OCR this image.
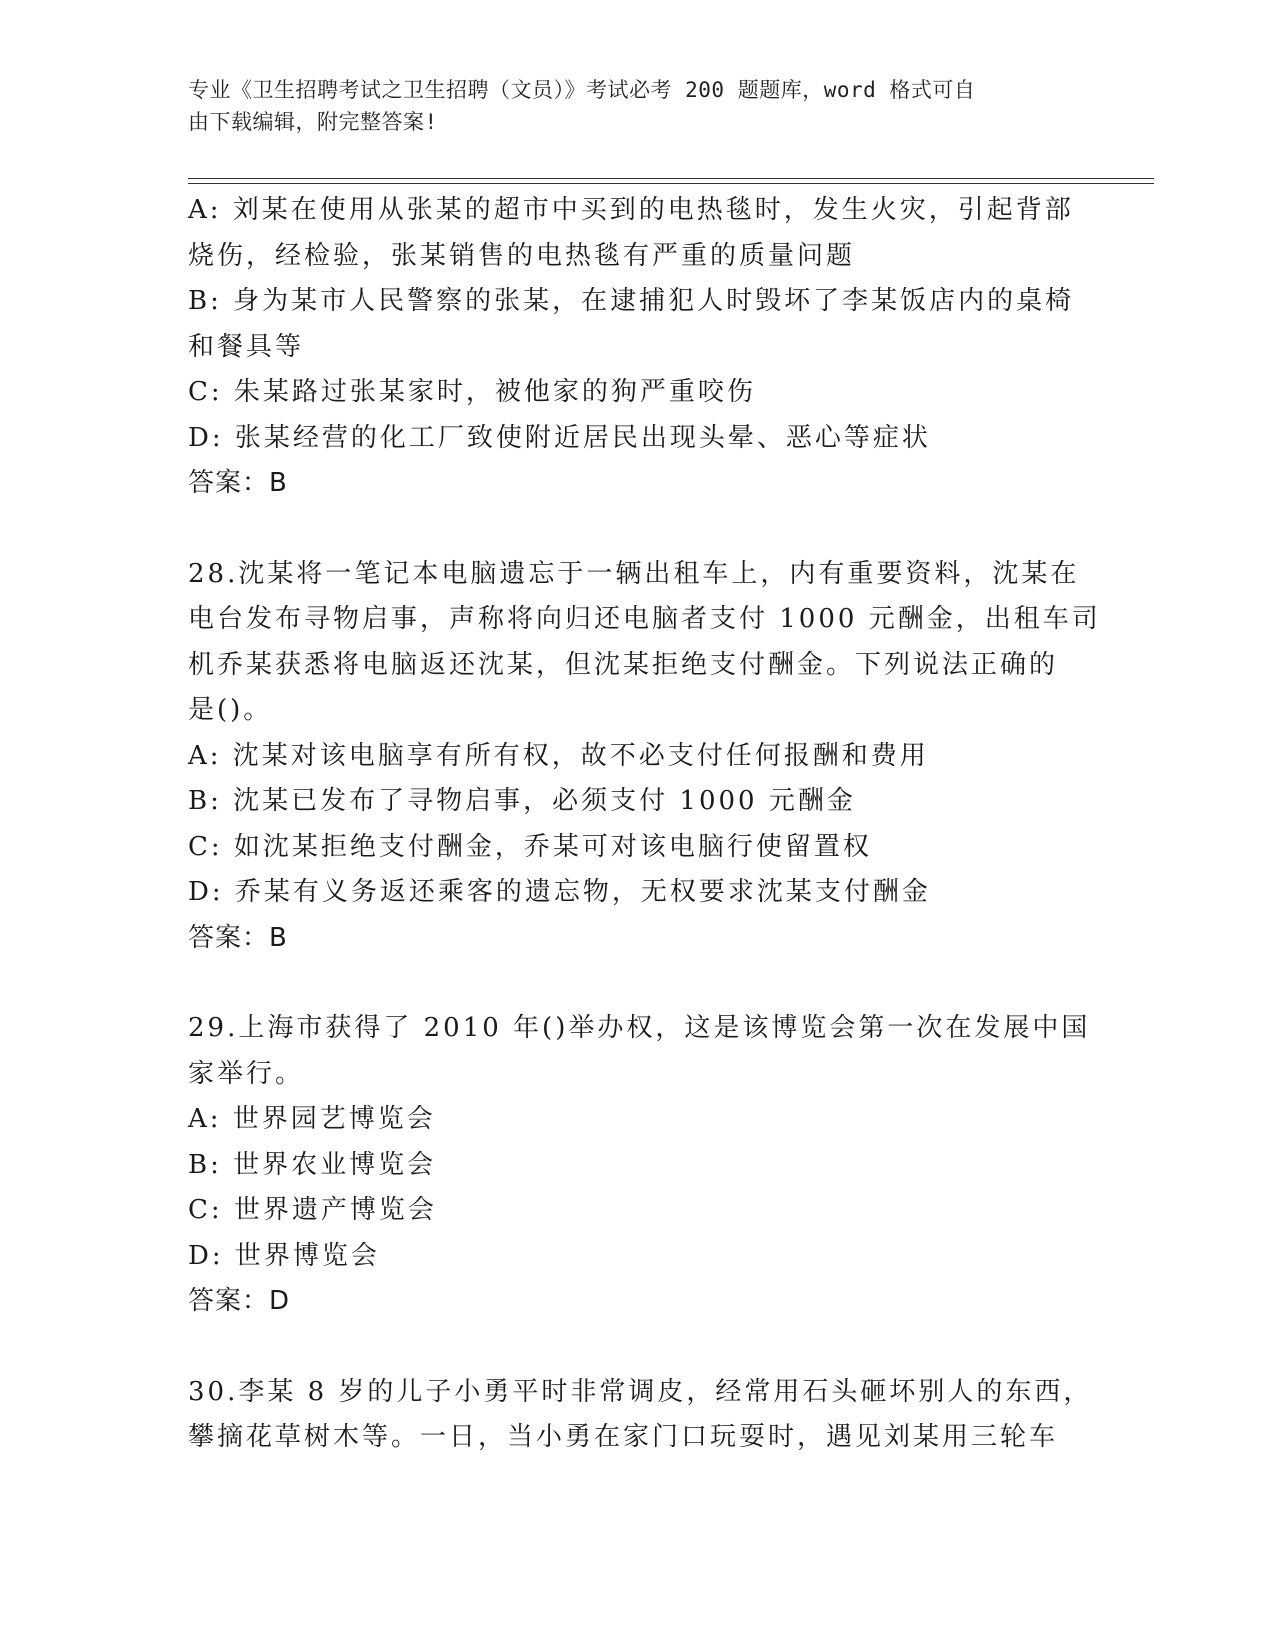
专业《卫生招聘考试之卫生招聘（文员）》考试必考 200 题题库，word 格式可自
由下载编辑，附完整答案!
A: 刘某在使用从张某的超市中买到的电热毯时，发生火灾，引起背部
烧伤，经检验，张某销售的电热毯有严重的质量问题
B: 身为某市人民警察的张某，在逮捕犯人时毁坏了李某饭店内的桌椅
和餐具等
C: 朱某路过张某家时，被他家的狗严重咬伤
D: 张某经营的化工厂致使附近居民出现头晕、恶心等症状
答案：B
28.沈某将一笔记本电脑遗忘于一辆出租车上，内有重要资料，沈某在
电台发布寻物启事，声称将向归还电脑者支付 1000 元酬金，出租车司
机乔某获悉将电脑返还沈某，但沈某拒绝支付酬金。下列说法正确的
是()。
A: 沈某对该电脑享有所有权，故不必支付任何报酬和费用
B: 沈某已发布了寻物启事，必须支付 1000 元酬金
C: 如沈某拒绝支付酬金，乔某可对该电脑行使留置权
D: 乔某有义务返还乘客的遗忘物，无权要求沈某支付酬金
答案：B
29.上海市获得了 2010 年()举办权，这是该博览会第一次在发展中国
家举行。
A: 世界园艺博览会
B: 世界农业博览会
C: 世界遗产博览会
D: 世界博览会
答案：D
30.李某 8 岁的儿子小勇平时非常调皮，经常用石头砸坏别人的东西，
攀摘花草树木等。一日，当小勇在家门口玩耍时，遇见刘某用三轮车
